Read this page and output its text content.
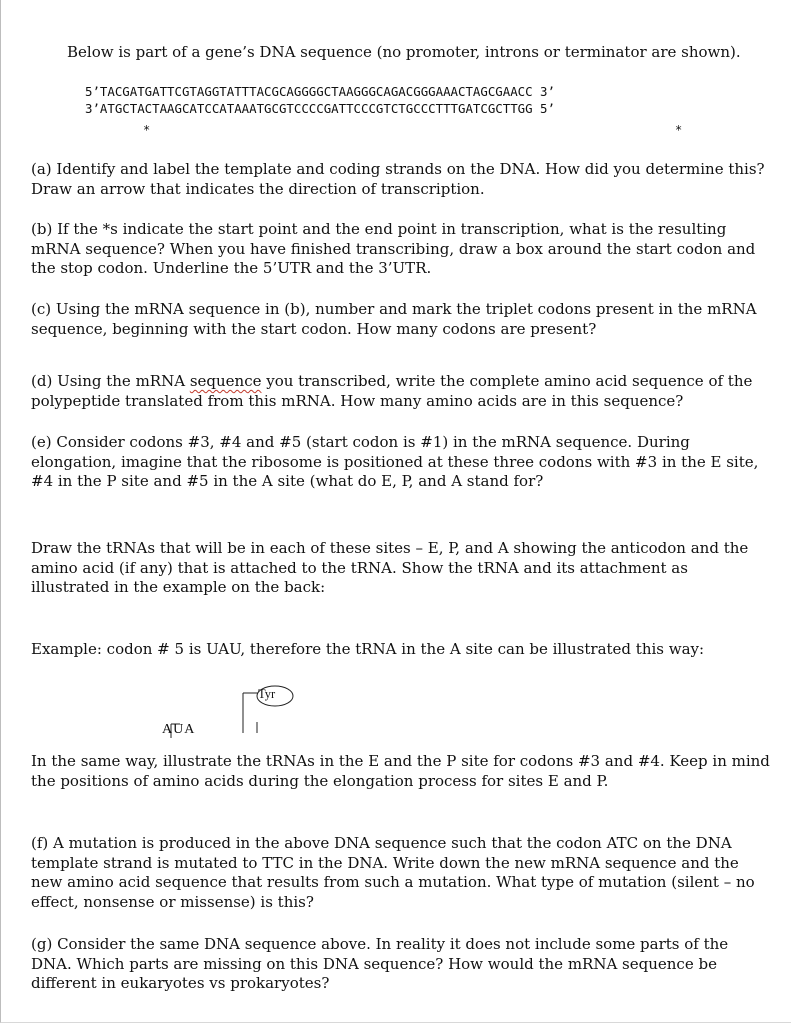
Below is part of a gene’s DNA sequence (no promoter, introns or terminator are shown).

5’TACGATGATTCGTAGGTATTTACGCAGGGGCTAAGGGCAGACGGGAAACTAGCGAACC 3’
3’ATGCTACTAAGCATCCATAAATGCGTCCCCGATTCCCGTCTGCCCTTTGATCGCTTGG 5’
*	*

(a) Identify and label the template and coding strands on the DNA. How did you determine this? Draw an arrow that indicates the direction of transcription.

(b) If the *s indicate the start point and the end point in transcription, what is the resulting mRNA sequence? When you have finished transcribing, draw a box around the start codon and the stop codon. Underline the 5’UTR and the 3’UTR.

(c) Using the mRNA sequence in (b), number and mark the triplet codons present in the mRNA sequence, beginning with the start codon. How many codons are present?

(d) Using the mRNA sequence you transcribed, write the complete amino acid sequence of the polypeptide translated from this mRNA. How many amino acids are in this sequence?

(e) Consider codons #3, #4 and #5 (start codon is #1) in the mRNA sequence. During elongation, imagine that the ribosome is positioned at these three codons with #3 in the E site, #4 in the P site and #5 in the A site (what do E, P, and A stand for?

Draw the tRNAs that will be in each of these sites – E, P, and A showing the anticodon and the amino acid (if any) that is attached to the tRNA. Show the tRNA and its attachment as illustrated in the example on the back:

Example: codon # 5 is UAU, therefore the tRNA in the A site can be illustrated this way:

AUA
Tyr

In the same way, illustrate the tRNAs in the E and the P site for codons #3 and #4. Keep in mind the positions of amino acids during the elongation process for sites E and P.

(f) A mutation is produced in the above DNA sequence such that the codon ATC on the DNA template strand is mutated to TTC in the DNA. Write down the new mRNA sequence and the new amino acid sequence that results from such a mutation. What type of mutation (silent – no effect, nonsense or missense) is this?

(g) Consider the same DNA sequence above. In reality it does not include some parts of the DNA. Which parts are missing on this DNA sequence? How would the mRNA sequence be different in eukaryotes vs prokaryotes?
